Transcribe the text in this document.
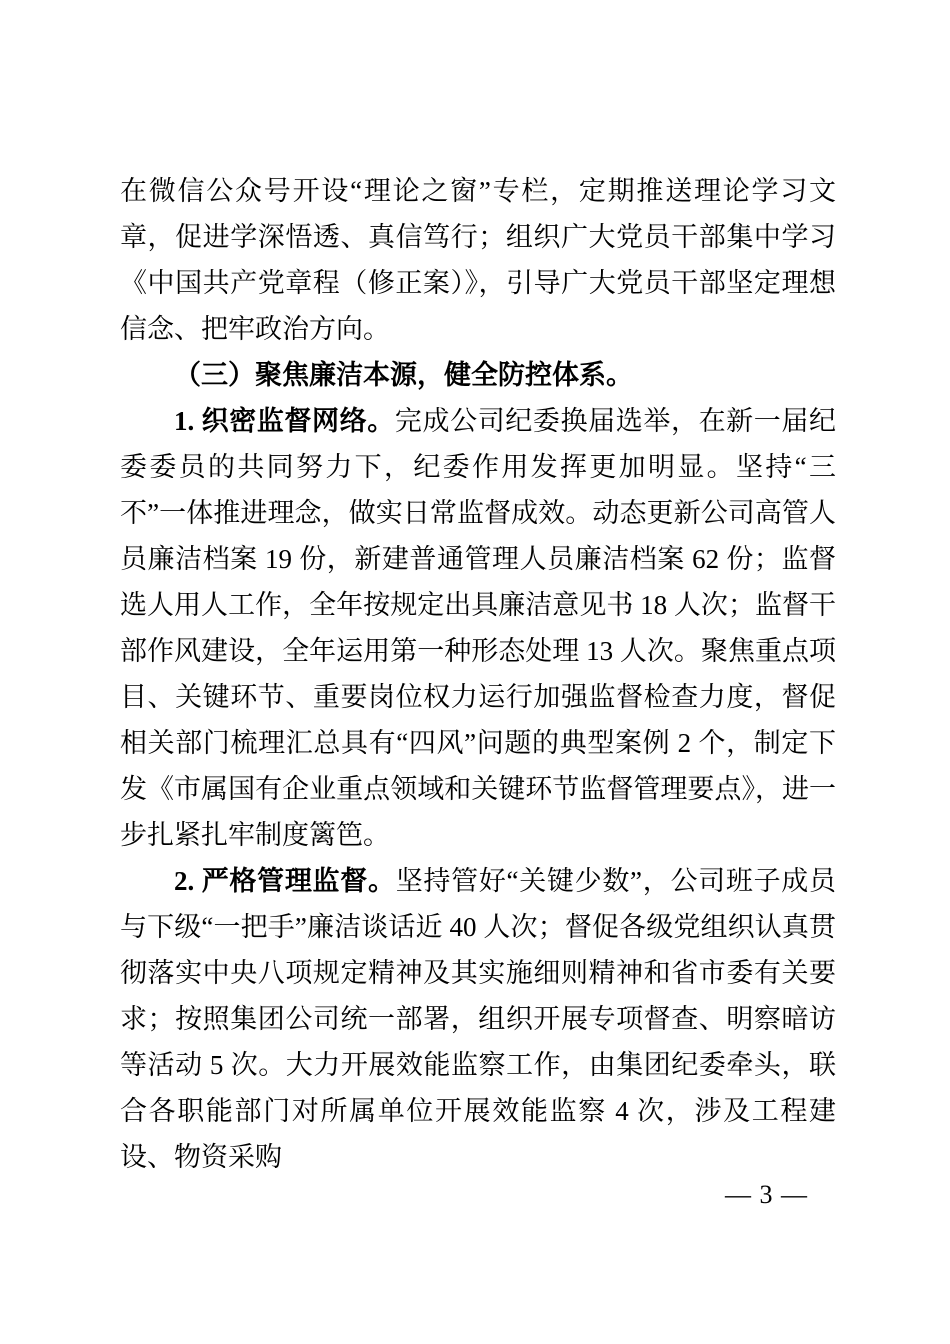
在微信公众号开设“理论之窗”专栏，定期推送理论学习文章，促进学深悟透、真信笃行；组织广大党员干部集中学习《中国共产党章程（修正案）》，引导广大党员干部坚定理想信念、把牢政治方向。

（三）聚焦廉洁本源，健全防控体系。

1. 织密监督网络。完成公司纪委换届选举，在新一届纪委委员的共同努力下，纪委作用发挥更加明显。坚持“三不”一体推进理念，做实日常监督成效。动态更新公司高管人员廉洁档案 19 份，新建普通管理人员廉洁档案 62 份；监督选人用人工作，全年按规定出具廉洁意见书 18 人次；监督干部作风建设，全年运用第一种形态处理 13 人次。聚焦重点项目、关键环节、重要岗位权力运行加强监督检查力度，督促相关部门梳理汇总具有“四风”问题的典型案例 2 个，制定下发《市属国有企业重点领域和关键环节监督管理要点》，进一步扎紧扎牢制度篱笆。

2. 严格管理监督。坚持管好“关键少数”，公司班子成员与下级“一把手”廉洁谈话近 40 人次；督促各级党组织认真贯彻落实中央八项规定精神及其实施细则精神和省市委有关要求；按照集团公司统一部署，组织开展专项督查、明察暗访等活动 5 次。大力开展效能监察工作，由集团纪委牵头，联合各职能部门对所属单位开展效能监察 4 次，涉及工程建设、物资采购

— 3 —
